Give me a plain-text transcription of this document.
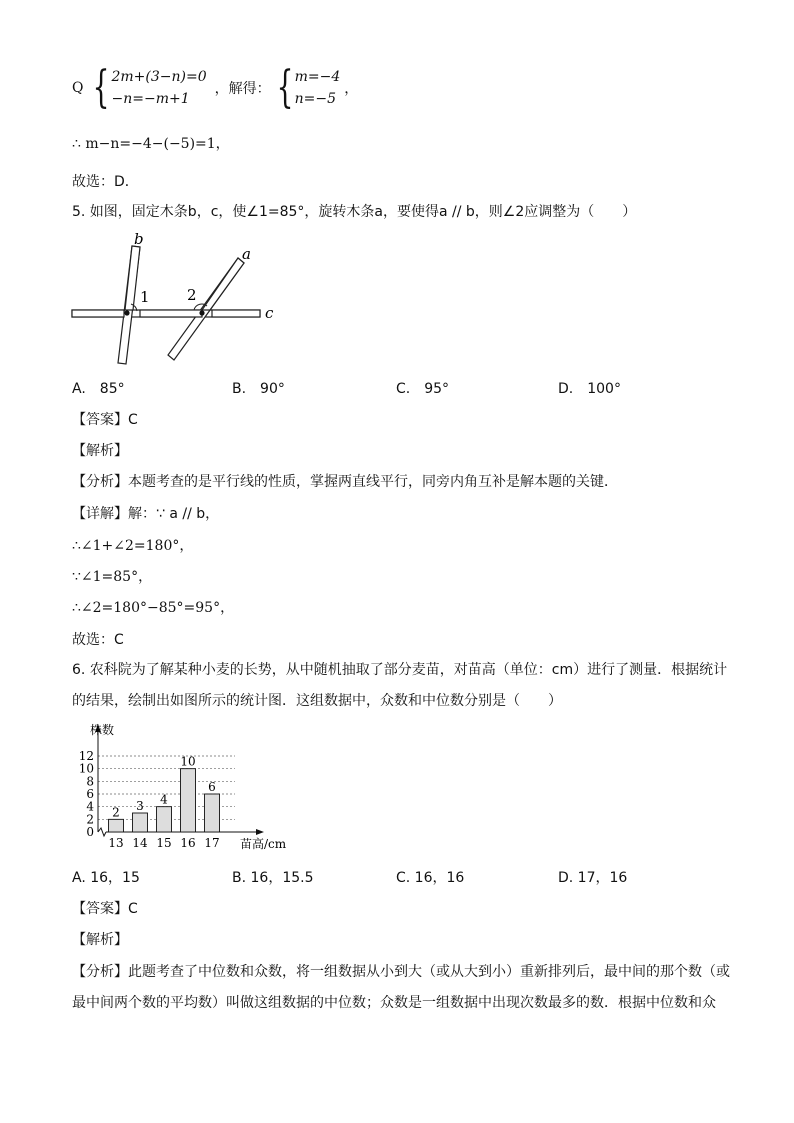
Q { 2m+(3−n)=0
−n=−m+1
，解得： { m=−4
n=−5
，
∴ m−n=−4−(−5)=1，
故选：D．
5. 如图，固定木条b，c，使∠1=85°，旋转木条a，要使得a // b，则∠2应调整为（　　）
b
a
c
1 2
A.　85°	B.　90°	C.　95°	D.　100°
【答案】C
【解析】
【分析】本题考查的是平行线的性质，掌握两直线平行，同旁内角互补是解本题的关键．
【详解】解：∵ a // b，
∴∠1+∠2=180°，
∵∠1=85°，
∴∠2=180°−85°=95°，
故选：C
6. 农科院为了解某种小麦的长势，从中随机抽取了部分麦苗，对苗高（单位：cm）进行了测量．根据统计
的结果，绘制出如图所示的统计图．这组数据中，众数和中位数分别是（　　）
0
2
4
6
8
10
12
2
13
3
14
4
15
10
16
6
17
株数
苗高/cm
A. 16，15	B. 16，15.5	C. 16，16	D. 17，16
【答案】C
【解析】
【分析】此题考查了中位数和众数，将一组数据从小到大（或从大到小）重新排列后，最中间的那个数（或
最中间两个数的平均数）叫做这组数据的中位数；众数是一组数据中出现次数最多的数．根据中位数和众
